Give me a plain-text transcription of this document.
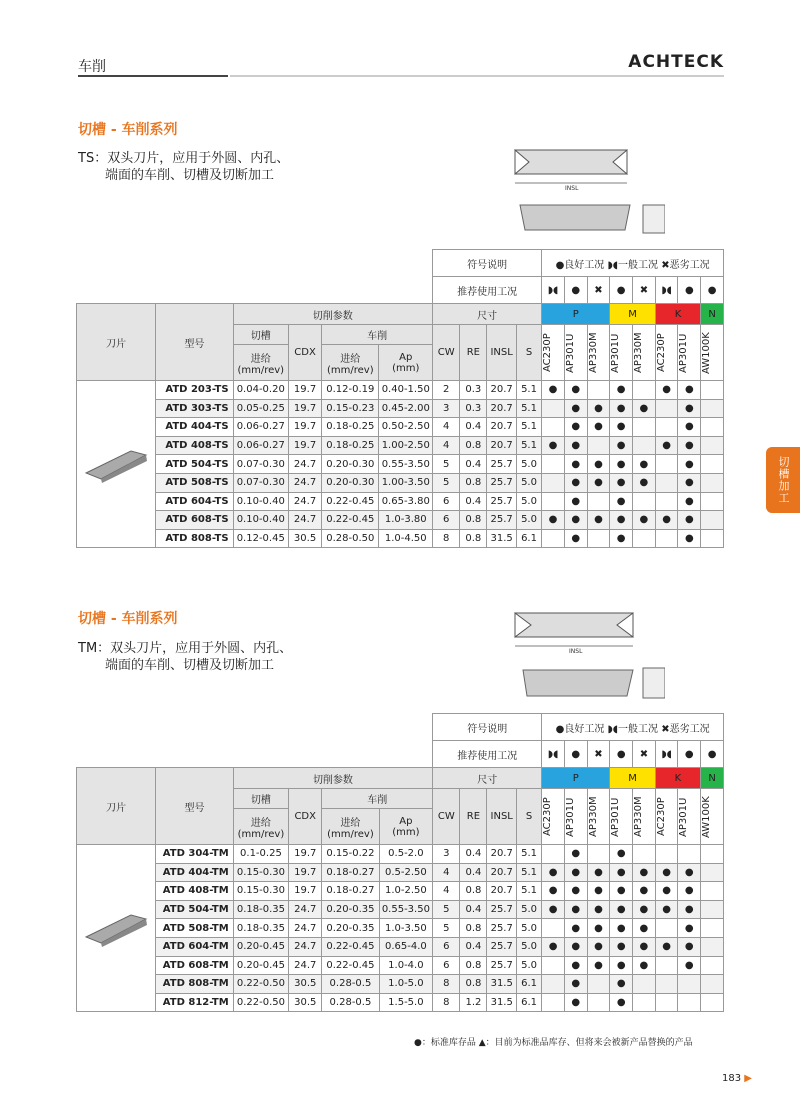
车削	ACHTECK
切槽加工
切槽 - 车削系列
TS：双头刀片，应用于外圆、内孔、
端面的车削、切槽及切断加工
INSL
						符号说明				●良好工况 ◗◖一般工况 ✖恶劣工况							
						推荐使用工况				◗◖	●	✖	●	✖	◗◖	●	●
刀片	型号	切削参数				尺寸				P			M		K		N
		切槽	CDX	车削		CW	RE	INSL	S	AC230P	AP301U	AP330M	AP301U	AP330M	AC230P	AP301U	AW100K

		进给
(mm/rev)		进给
(mm/rev)	Ap
(mm)												
	ATD 203-TS	0.04-0.20	19.7	0.12-0.19	0.40-1.50	2	0.3	20.7	5.1	●	●		●		●	●	
	ATD 303-TS	0.05-0.25	19.7	0.15-0.23	0.45-2.00	3	0.3	20.7	5.1		●	●	●	●		●	
	ATD 404-TS	0.06-0.27	19.7	0.18-0.25	0.50-2.50	4	0.4	20.7	5.1		●	●	●			●	
	ATD 408-TS	0.06-0.27	19.7	0.18-0.25	1.00-2.50	4	0.8	20.7	5.1	●	●		●		●	●	
	ATD 504-TS	0.07-0.30	24.7	0.20-0.30	0.55-3.50	5	0.4	25.7	5.0		●	●	●	●		●	
	ATD 508-TS	0.07-0.30	24.7	0.20-0.30	1.00-3.50	5	0.8	25.7	5.0		●	●	●	●		●	
	ATD 604-TS	0.10-0.40	24.7	0.22-0.45	0.65-3.80	6	0.4	25.7	5.0		●		●			●	
	ATD 608-TS	0.10-0.40	24.7	0.22-0.45	1.0-3.80	6	0.8	25.7	5.0	●	●	●	●	●	●	●	
	ATD 808-TS	0.12-0.45	30.5	0.28-0.50	1.0-4.50	8	0.8	31.5	6.1		●		●			●	
切槽 - 车削系列
TM：双头刀片，应用于外圆、内孔、
端面的车削、切槽及切断加工
INSL
						符号说明				●良好工况 ◗◖一般工况 ✖恶劣工况							
						推荐使用工况				◗◖	●	✖	●	✖	◗◖	●	●
刀片	型号	切削参数				尺寸				P			M		K		N
		切槽	CDX	车削		CW	RE	INSL	S	AC230P	AP301U	AP330M	AP301U	AP330M	AC230P	AP301U	AW100K

		进给
(mm/rev)		进给
(mm/rev)	Ap
(mm)												
	ATD 304-TM	0.1-0.25	19.7	0.15-0.22	0.5-2.0	3	0.4	20.7	5.1		●		●				
	ATD 404-TM	0.15-0.30	19.7	0.18-0.27	0.5-2.50	4	0.4	20.7	5.1	●	●	●	●	●	●	●	
	ATD 408-TM	0.15-0.30	19.7	0.18-0.27	1.0-2.50	4	0.8	20.7	5.1	●	●	●	●	●	●	●	
	ATD 504-TM	0.18-0.35	24.7	0.20-0.35	0.55-3.50	5	0.4	25.7	5.0	●	●	●	●	●	●	●	
	ATD 508-TM	0.18-0.35	24.7	0.20-0.35	1.0-3.50	5	0.8	25.7	5.0		●	●	●	●		●	
	ATD 604-TM	0.20-0.45	24.7	0.22-0.45	0.65-4.0	6	0.4	25.7	5.0	●	●	●	●	●	●	●	
	ATD 608-TM	0.20-0.45	24.7	0.22-0.45	1.0-4.0	6	0.8	25.7	5.0		●	●	●	●		●	
	ATD 808-TM	0.22-0.50	30.5	0.28-0.5	1.0-5.0	8	0.8	31.5	6.1		●		●				
	ATD 812-TM	0.22-0.50	30.5	0.28-0.5	1.5-5.0	8	1.2	31.5	6.1		●		●				
●：标准库存品 ▲：目前为标准品库存、但将来会被新产品替换的产品
183 ▶
